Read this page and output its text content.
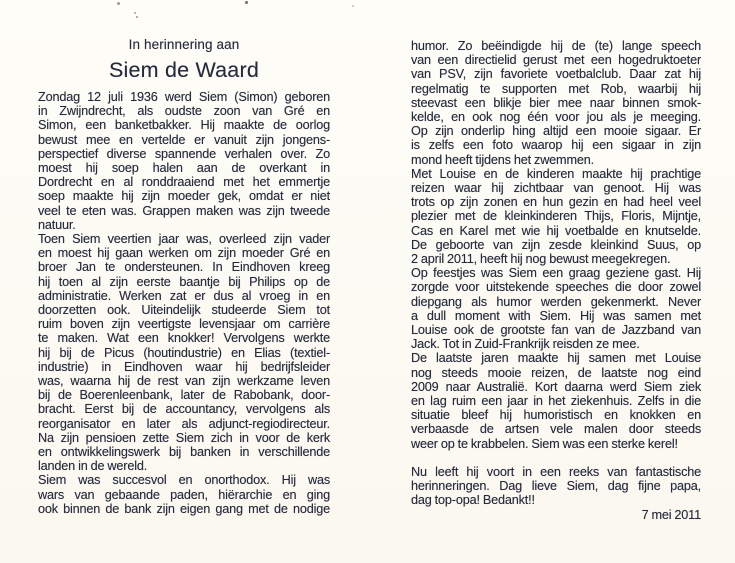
In herinnering aan
Siem de Waard
Zondag 12 juli 1936 werd Siem (Simon) geboren
in Zwijndrecht, als oudste zoon van Gré en
Simon, een banketbakker. Hij maakte de oorlog
bewust mee en vertelde er vanuit zijn jongens-
perspectief diverse spannende verhalen over. Zo
moest hij soep halen aan de overkant in
Dordrecht en al ronddraaiend met het emmertje
soep maakte hij zijn moeder gek, omdat er niet
veel te eten was. Grappen maken was zijn tweede
natuur.
Toen Siem veertien jaar was, overleed zijn vader
en moest hij gaan werken om zijn moeder Gré en
broer Jan te ondersteunen. In Eindhoven kreeg
hij toen al zijn eerste baantje bij Philips op de
administratie. Werken zat er dus al vroeg in en
doorzetten ook. Uiteindelijk studeerde Siem tot
ruim boven zijn veertigste levensjaar om carrière
te maken. Wat een knokker! Vervolgens werkte
hij bij de Picus (houtindustrie) en Elias (textiel-
industrie) in Eindhoven waar hij bedrijfsleider
was, waarna hij de rest van zijn werkzame leven
bij de Boerenleenbank, later de Rabobank, door-
bracht. Eerst bij de accountancy, vervolgens als
reorganisator en later als adjunct-regiodirecteur.
Na zijn pensioen zette Siem zich in voor de kerk
en ontwikkelingswerk bij banken in verschillende
landen in de wereld.
Siem was succesvol en onorthodox. Hij was
wars van gebaande paden, hiërarchie en ging
ook binnen de bank zijn eigen gang met de nodige
humor. Zo beëindigde hij de (te) lange speech
van een directielid gerust met een hogedruktoeter
van PSV, zijn favoriete voetbalclub. Daar zat hij
regelmatig te supporten met Rob, waarbij hij
steevast een blikje bier mee naar binnen smok-
kelde, en ook nog één voor jou als je meeging.
Op zijn onderlip hing altijd een mooie sigaar. Er
is zelfs een foto waarop hij een sigaar in zijn
mond heeft tijdens het zwemmen.
Met Louise en de kinderen maakte hij prachtige
reizen waar hij zichtbaar van genoot. Hij was
trots op zijn zonen en hun gezin en had heel veel
plezier met de kleinkinderen Thijs, Floris, Mijntje,
Cas en Karel met wie hij voetbalde en knutselde.
De geboorte van zijn zesde kleinkind Suus, op
2 april 2011, heeft hij nog bewust meegekregen.
Op feestjes was Siem een graag geziene gast. Hij
zorgde voor uitstekende speeches die door zowel
diepgang als humor werden gekenmerkt. Never
a dull moment with Siem. Hij was samen met
Louise ook de grootste fan van de Jazzband van
Jack. Tot in Zuid-Frankrijk reisden ze mee.
De laatste jaren maakte hij samen met Louise
nog steeds mooie reizen, de laatste nog eind
2009 naar Australië. Kort daarna werd Siem ziek
en lag ruim een jaar in het ziekenhuis. Zelfs in die
situatie bleef hij humoristisch en knokken en
verbaasde de artsen vele malen door steeds
weer op te krabbelen. Siem was een sterke kerel!
Nu leeft hij voort in een reeks van fantastische
herinneringen. Dag lieve Siem, dag fijne papa,
dag top-opa! Bedankt!!
7 mei 2011
